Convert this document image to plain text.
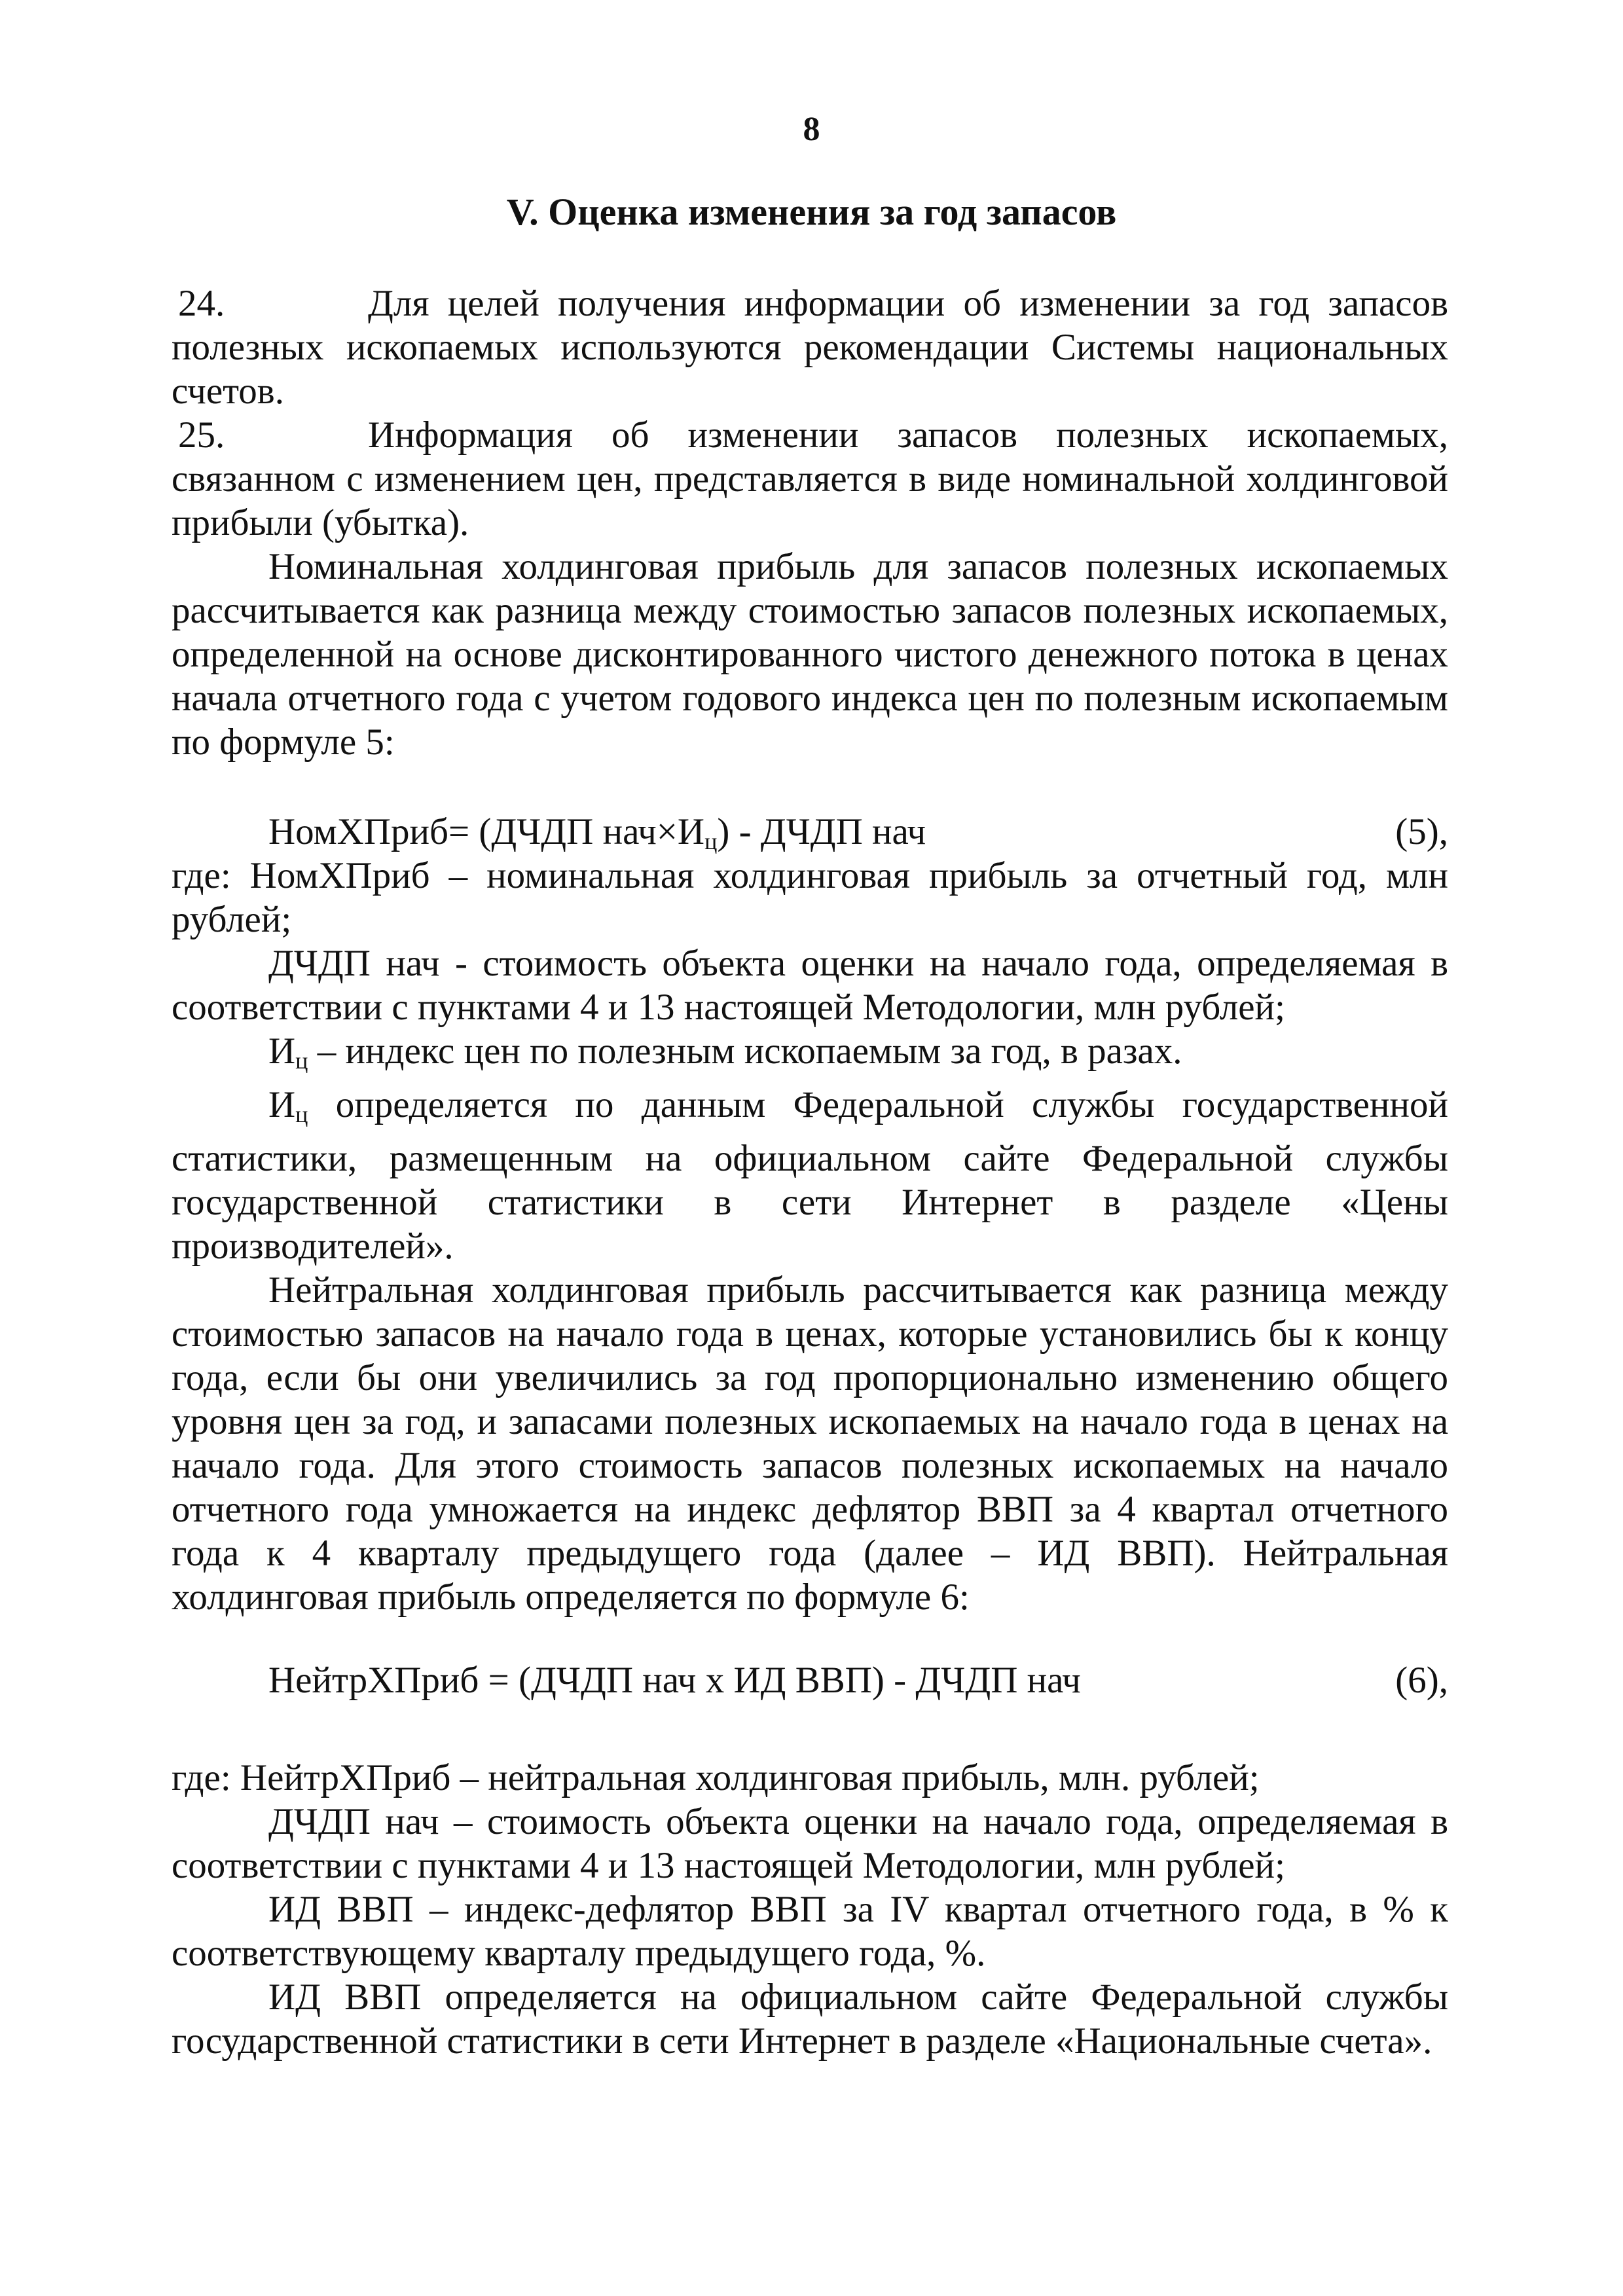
8
V. Оценка изменения за год запасов

24.	Для целей получения информации об изменении за год запасов полезных ископаемых используются рекомендации Системы национальных счетов.

25.	Информация об изменении запасов полезных ископаемых, связанном с изменением цен, представляется в виде номинальной холдинговой прибыли (убытка).

Номинальная холдинговая прибыль для запасов полезных ископаемых рассчитывается как разница между стоимостью запасов полезных ископаемых, определенной на основе дисконтированного чистого денежного потока в ценах начала отчетного года с учетом годового индекса цен по полезным ископаемым по формуле 5:

НомХПриб= (ДЧДП $нач\times И_ц$) - ДЧДП нач	(5),

где: НомХПриб – номинальная холдинговая прибыль за отчетный год, млн рублей;

ДЧДП нач - стоимость объекта оценки на начало года, определяемая в соответствии с пунктами 4 и 13 настоящей Методологии, млн рублей;

$И_ц$ – индекс цен по полезным ископаемым за год, в разах.

$И_ц$ определяется по данным Федеральной службы государственной статистики, размещенным на официальном сайте Федеральной службы государственной статистики в сети Интернет в разделе «Цены производителей».

Нейтральная холдинговая прибыль рассчитывается как разница между стоимостью запасов на начало года в ценах, которые установились бы к концу года, если бы они увеличились за год пропорционально изменению общего уровня цен за год, и запасами полезных ископаемых на начало года в ценах на начало года. Для этого стоимость запасов полезных ископаемых на начало отчетного года умножается на индекс дефлятор ВВП за 4 квартал отчетного года к 4 кварталу предыдущего года (далее – ИД ВВП). Нейтральная холдинговая прибыль определяется по формуле 6:

НейтрХПриб = (ДЧДП нач х ИД ВВП) - ДЧДП нач	(6),

где: НейтрХПриб – нейтральная холдинговая прибыль, млн. рублей;

ДЧДП нач – стоимость объекта оценки на начало года, определяемая в соответствии с пунктами 4 и 13 настоящей Методологии, млн рублей;

ИД ВВП – индекс-дефлятор ВВП за IV квартал отчетного года, в % к соответствующему кварталу предыдущего года, %.

ИД ВВП определяется на официальном сайте Федеральной службы государственной статистики в сети Интернет в разделе «Национальные счета».
